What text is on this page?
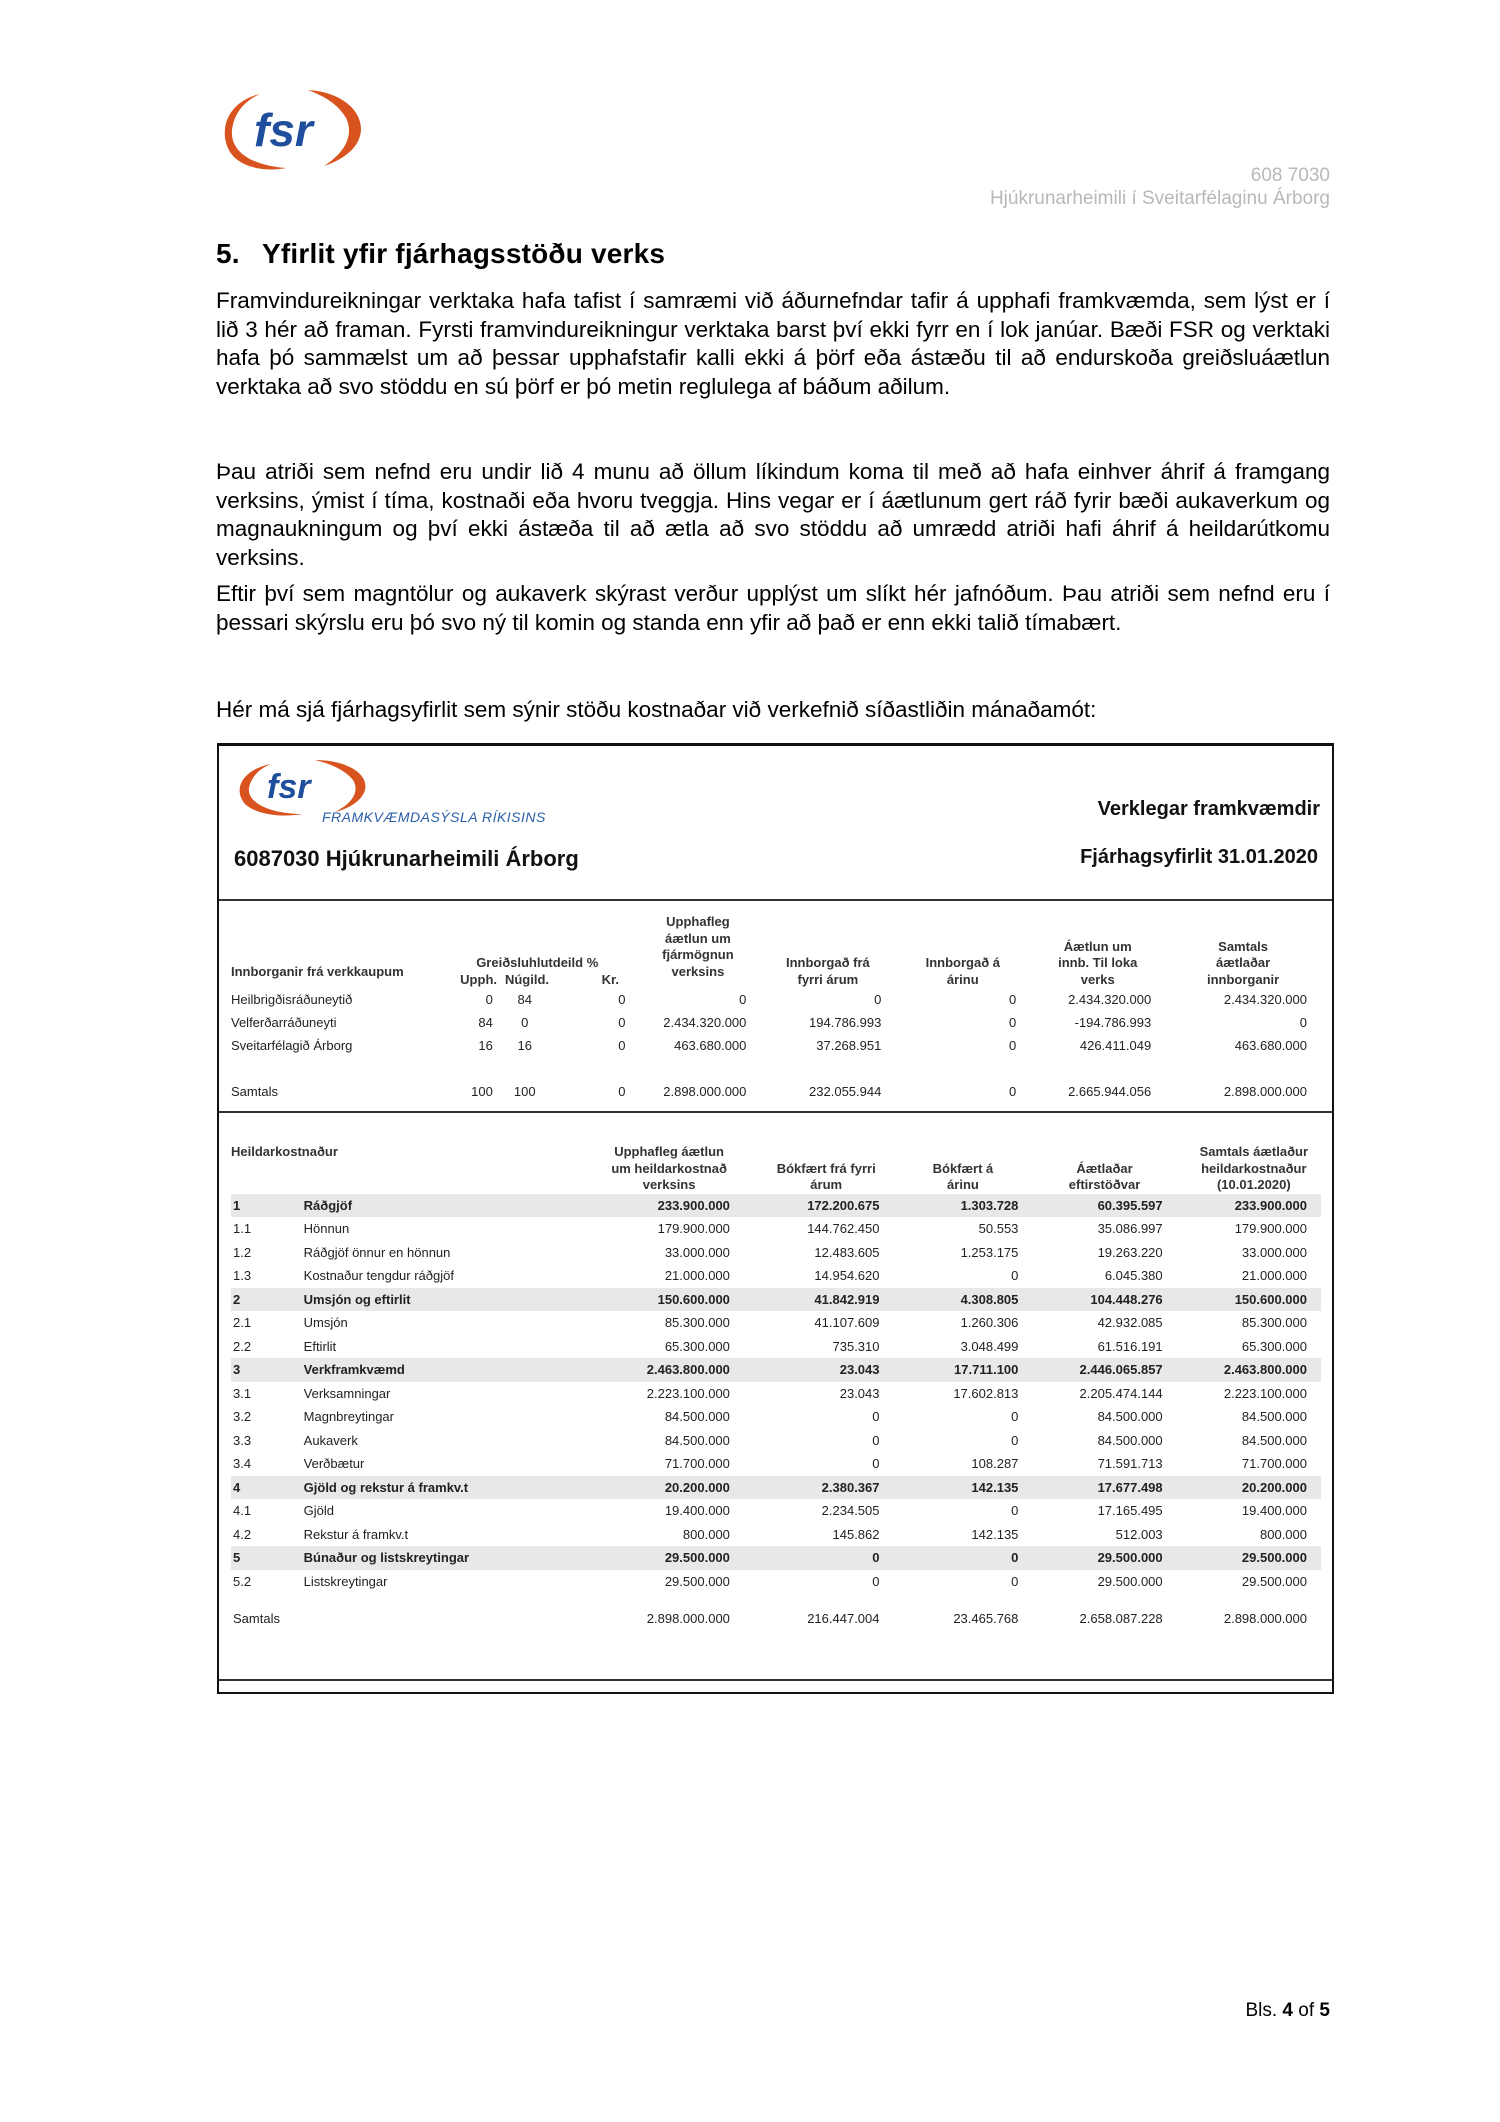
fsr
608 7030
Hjúkrunarheimili í Sveitarfélaginu Árborg
5. Yfirlit yfir fjárhagsstöðu verks

Framvindureikningar verktaka hafa tafist í samræmi við áðurnefndar tafir á upphafi framkvæmda, sem lýst er í lið 3 hér að framan. Fyrsti framvindureikningur verktaka barst því ekki fyrr en í lok janúar. Bæði FSR og verktaki hafa þó sammælst um að þessar upphafstafir kalli ekki á þörf eða ástæðu til að endurskoða greiðsluáætlun verktaka að svo stöddu en sú þörf er þó metin reglulega af báðum aðilum.

Þau atriði sem nefnd eru undir lið 4 munu að öllum líkindum koma til með að hafa einhver áhrif á framgang verksins, ýmist í tíma, kostnaði eða hvoru tveggja. Hins vegar er í áætlunum gert ráð fyrir bæði aukaverkum og magnaukningum og því ekki ástæða til að ætla að svo stöddu að umrædd atriði hafi áhrif á heildarútkomu verksins.

Eftir því sem magntölur og aukaverk skýrast verður upplýst um slíkt hér jafnóðum. Þau atriði sem nefnd eru í þessari skýrslu eru þó svo ný til komin og standa enn yfir að það er enn ekki talið tímabært.

Hér má sjá fjárhagsyfirlit sem sýnir stöðu kostnaðar við verkefnið síðastliðin mánaðamót:

fsr
FRAMKVÆMDASÝSLA RÍKISINS
6087030 Hjúkrunarheimili Árborg
Verklegar framkvæmdir
Fjárhagsyfirlit 31.01.2020
Innborganir frá verkkaupum	Greiðsluhlutdeild %
Upph. Núgild. Kr.			Upphafleg áætlun um fjármögnun verksins	Innborgað frá fyrri árum	Innborgað á árinu	Áætlun um innb. Til loka verks	Samtals áætlaðar innborganir
Heilbrigðisráðuneytið	0	84	0	0	0	0	2.434.320.000	2.434.320.000
Velferðarráðuneyti	84	0	0	2.434.320.000	194.786.993	0	-194.786.993	0
Sveitarfélagið Árborg	16	16	0	463.680.000	37.268.951	0	426.411.049	463.680.000

Samtals	100	100	0	2.898.000.000	232.055.944	0	2.665.944.056	2.898.000.000
Heildarkostnaður		Upphafleg áætlun um heildarkostnað verksins	Bókfært frá fyrri árum	Bókfært á árinu	Áætlaðar eftirstöðvar	Samtals áætlaður heildarkostnaður (10.01.2020)
1	Ráðgjöf	233.900.000	172.200.675	1.303.728	60.395.597	233.900.000
1.1	Hönnun	179.900.000	144.762.450	50.553	35.086.997	179.900.000
1.2	Ráðgjöf önnur en hönnun	33.000.000	12.483.605	1.253.175	19.263.220	33.000.000
1.3	Kostnaður tengdur ráðgjöf	21.000.000	14.954.620	0	6.045.380	21.000.000
2	Umsjón og eftirlit	150.600.000	41.842.919	4.308.805	104.448.276	150.600.000
2.1	Umsjón	85.300.000	41.107.609	1.260.306	42.932.085	85.300.000
2.2	Eftirlit	65.300.000	735.310	3.048.499	61.516.191	65.300.000
3	Verkframkvæmd	2.463.800.000	23.043	17.711.100	2.446.065.857	2.463.800.000
3.1	Verksamningar	2.223.100.000	23.043	17.602.813	2.205.474.144	2.223.100.000
3.2	Magnbreytingar	84.500.000	0	0	84.500.000	84.500.000
3.3	Aukaverk	84.500.000	0	0	84.500.000	84.500.000
3.4	Verðbætur	71.700.000	0	108.287	71.591.713	71.700.000
4	Gjöld og rekstur á framkv.t	20.200.000	2.380.367	142.135	17.677.498	20.200.000
4.1	Gjöld	19.400.000	2.234.505	0	17.165.495	19.400.000
4.2	Rekstur á framkv.t	800.000	145.862	142.135	512.003	800.000
5	Búnaður og listskreytingar	29.500.000	0	0	29.500.000	29.500.000
5.2	Listskreytingar	29.500.000	0	0	29.500.000	29.500.000

Samtals		2.898.000.000	216.447.004	23.465.768	2.658.087.228	2.898.000.000
Bls. 4 of 5
